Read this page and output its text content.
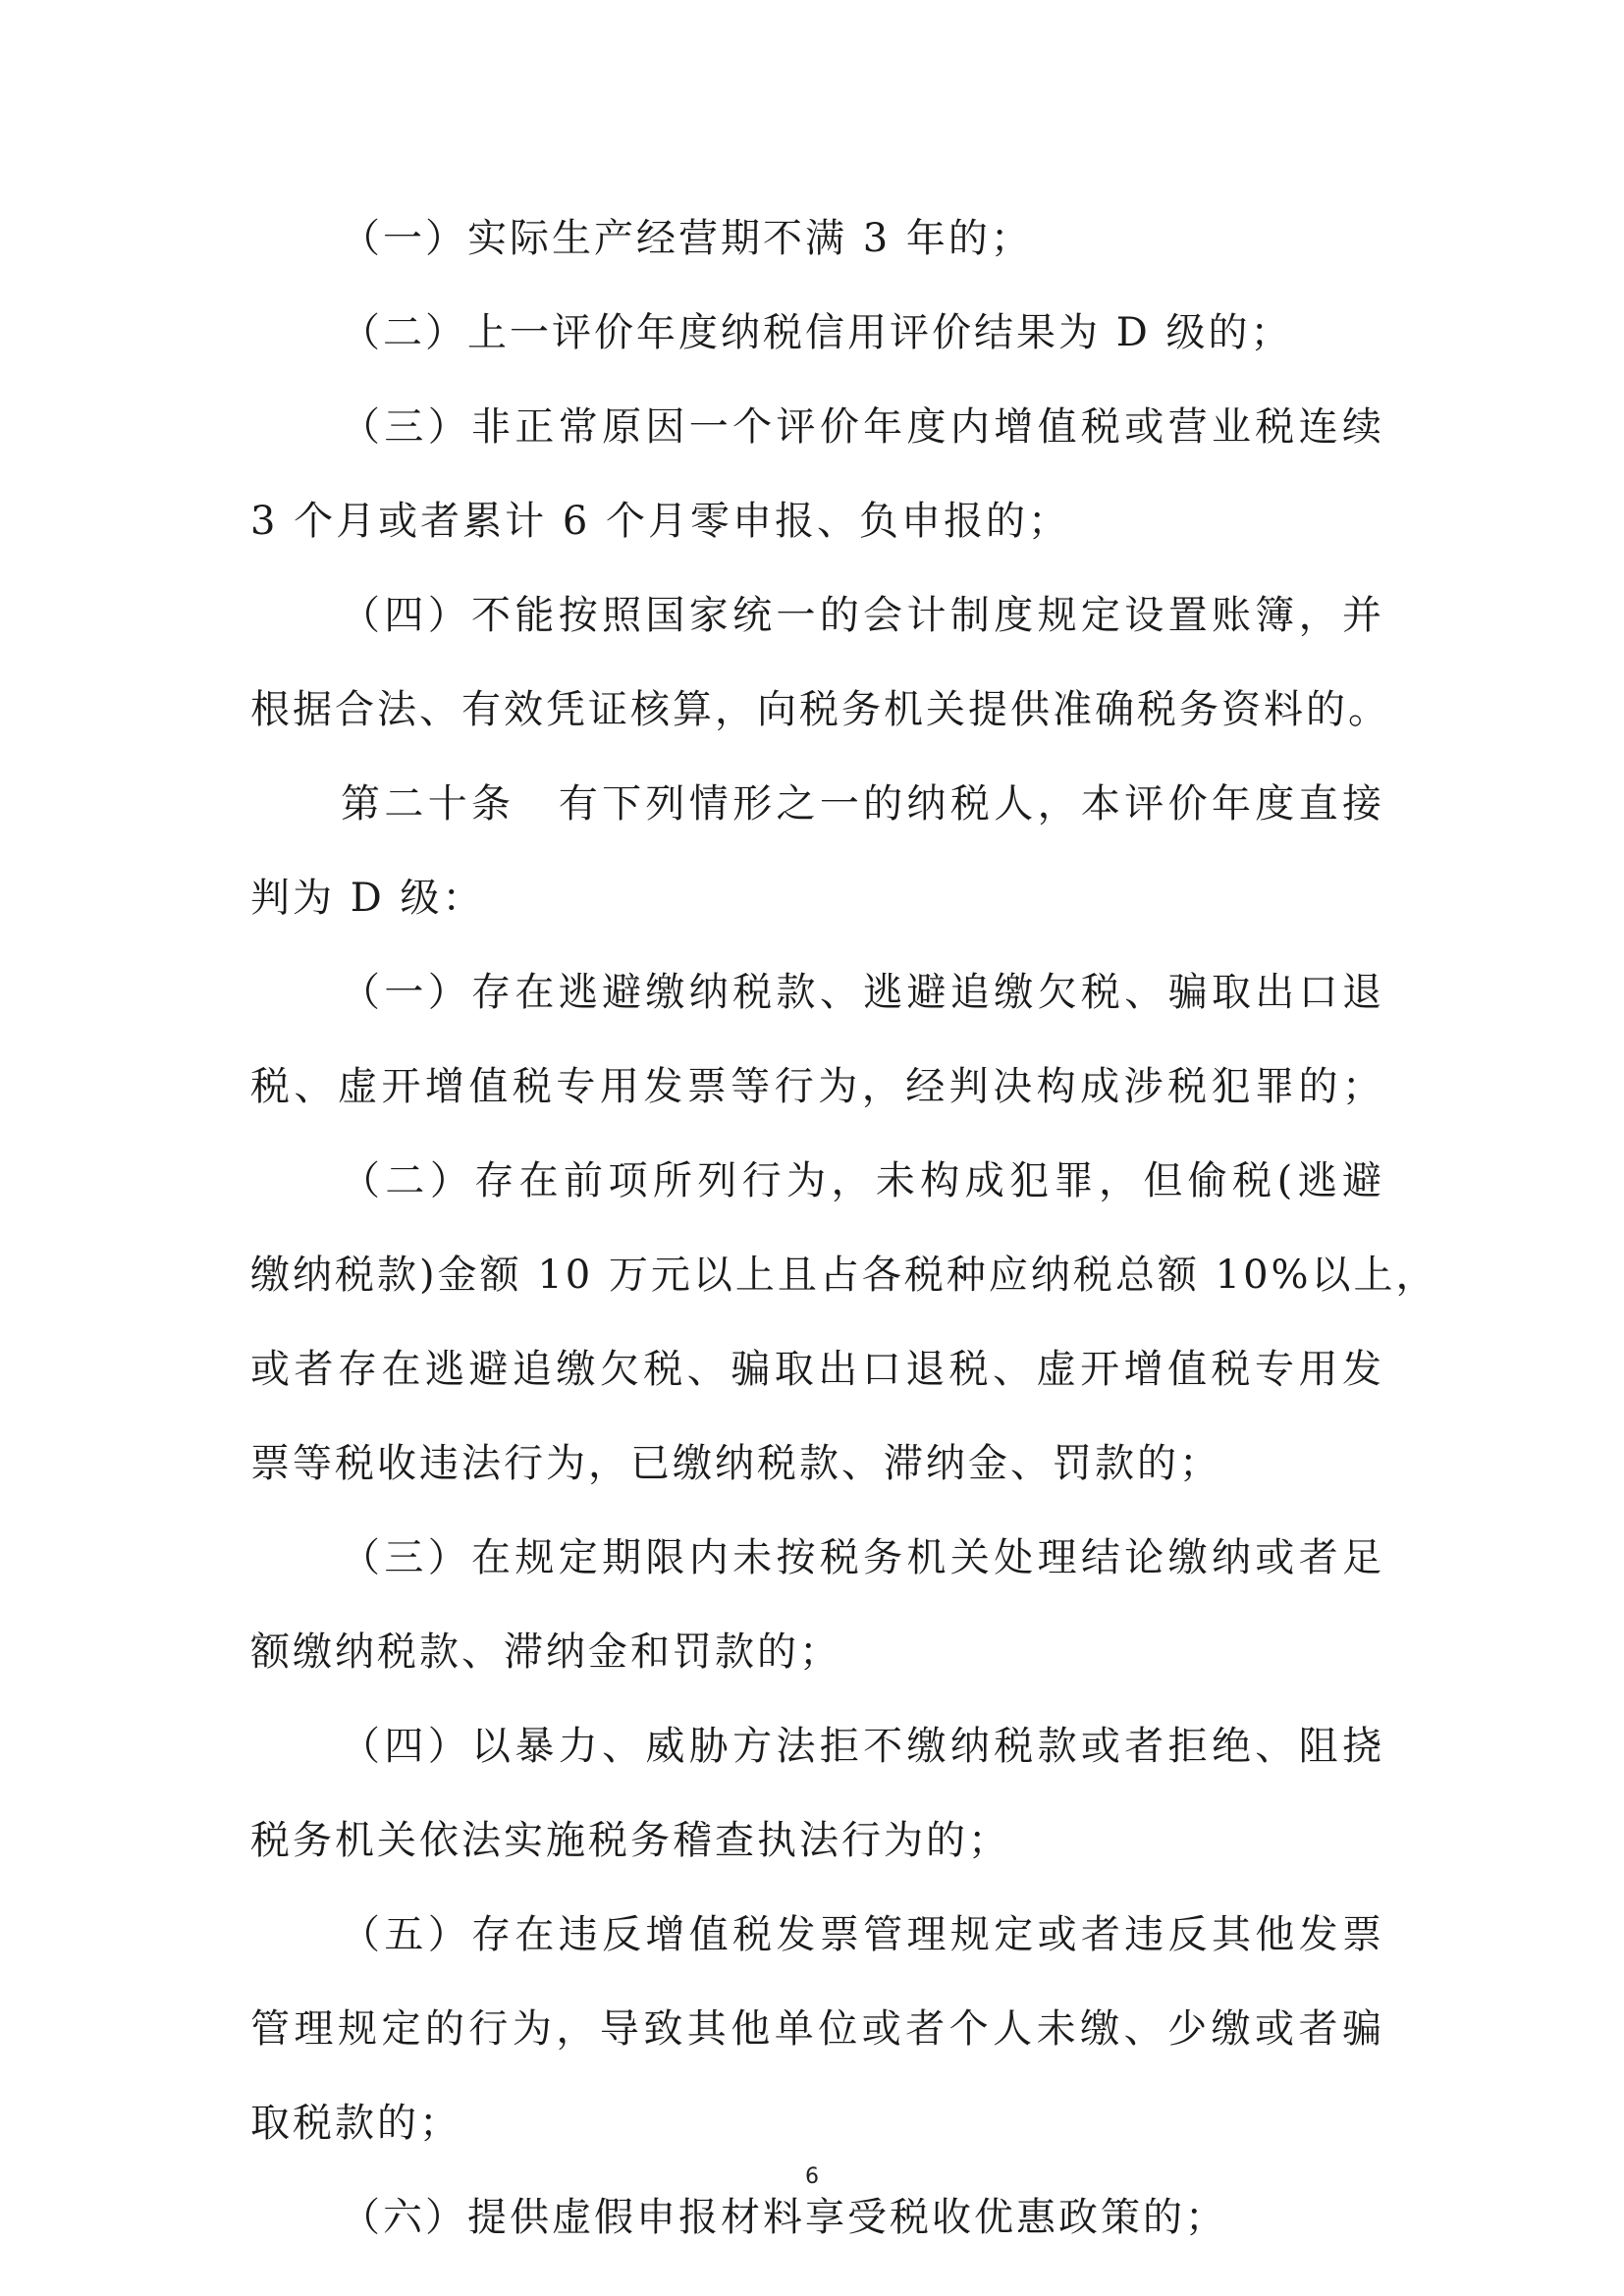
（一）实际生产经营期不满 3 年的；
（二）上一评价年度纳税信用评价结果为 D 级的；
（三）非正常原因一个评价年度内增值税或营业税连续
3 个月或者累计 6 个月零申报、负申报的；
（四）不能按照国家统一的会计制度规定设置账簿，并
根据合法、有效凭证核算，向税务机关提供准确税务资料的。
第二十条　有下列情形之一的纳税人，本评价年度直接
判为 D 级：
（一）存在逃避缴纳税款、逃避追缴欠税、骗取出口退
税、虚开增值税专用发票等行为，经判决构成涉税犯罪的；
（二）存在前项所列行为，未构成犯罪，但偷税(逃避
缴纳税款)金额 10 万元以上且占各税种应纳税总额 10%以上，
或者存在逃避追缴欠税、骗取出口退税、虚开增值税专用发
票等税收违法行为，已缴纳税款、滞纳金、罚款的；
（三）在规定期限内未按税务机关处理结论缴纳或者足
额缴纳税款、滞纳金和罚款的；
（四）以暴力、威胁方法拒不缴纳税款或者拒绝、阻挠
税务机关依法实施税务稽查执法行为的；
（五）存在违反增值税发票管理规定或者违反其他发票
管理规定的行为，导致其他单位或者个人未缴、少缴或者骗
取税款的；
（六）提供虚假申报材料享受税收优惠政策的；
6
